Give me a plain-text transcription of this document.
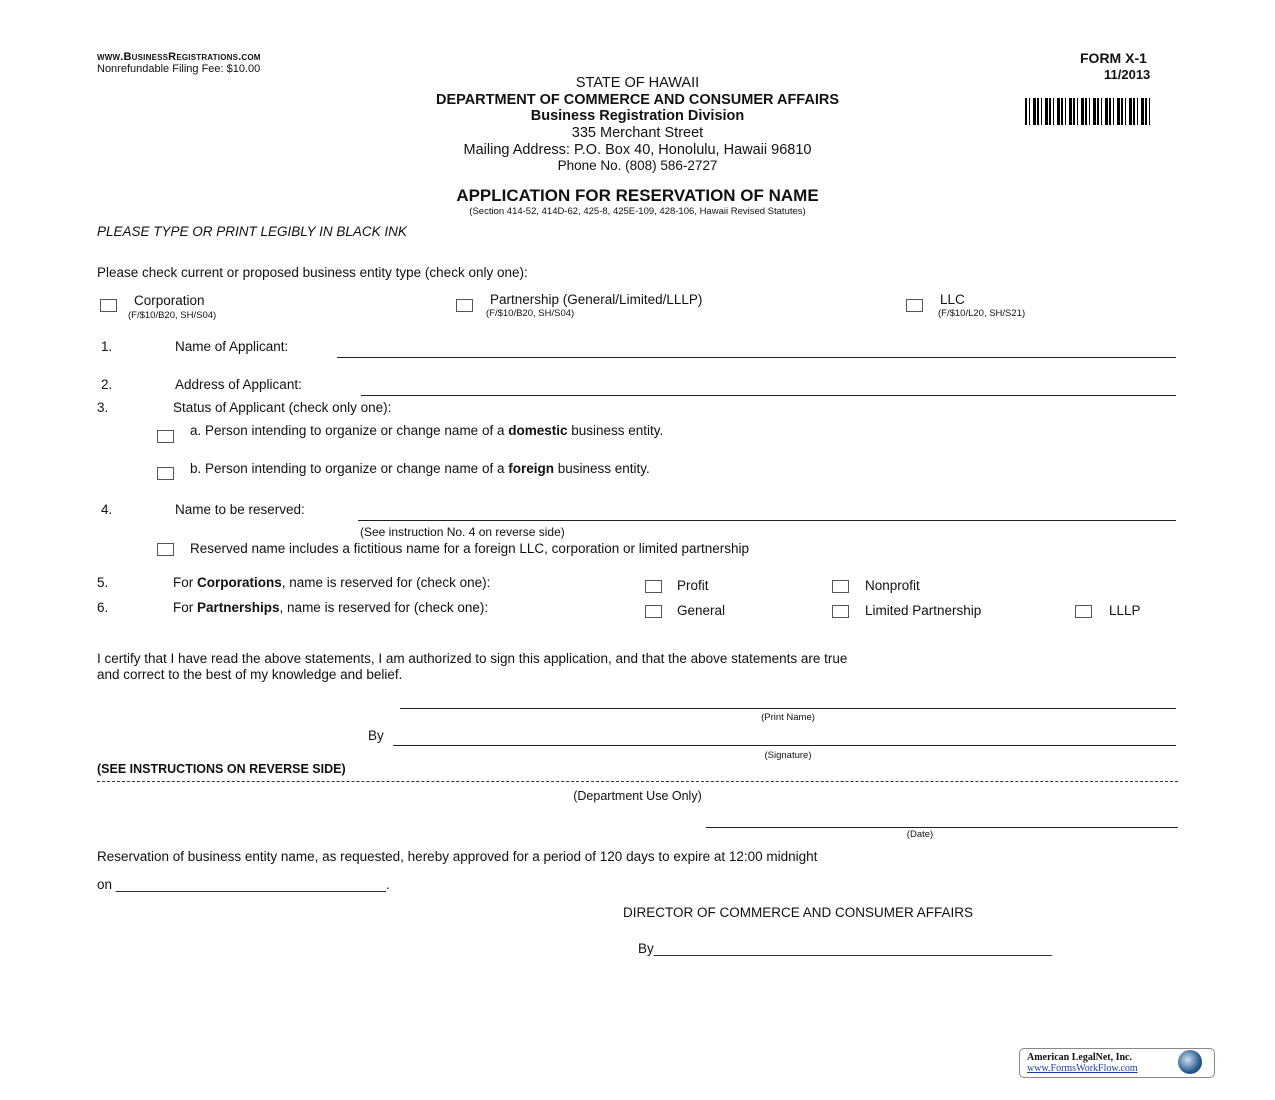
www.BusinessRegistrations.com
Nonrefundable Filing Fee: $10.00
FORM X-1
11/2013
STATE OF HAWAII
DEPARTMENT OF COMMERCE AND CONSUMER AFFAIRS
Business Registration Division
335 Merchant Street
Mailing Address: P.O. Box 40, Honolulu, Hawaii 96810
Phone No. (808) 586-2727
APPLICATION FOR RESERVATION OF NAME
(Section 414-52, 414D-62, 425-8, 425E-109, 428-106, Hawaii Revised Statutes)
PLEASE TYPE OR PRINT LEGIBLY IN BLACK INK
Please check current or proposed business entity type (check only one):
Corporation
(F/$10/B20, SH/S04)
Partnership (General/Limited/LLLP)
(F/$10/B20, SH/S04)
LLC
(F/$10/L20, SH/S21)
1.	Name of Applicant:
2.	Address of Applicant:
3.	Status of Applicant (check only one):
a. Person intending to organize or change name of a domestic business entity.
b. Person intending to organize or change name of a foreign business entity.
4.	Name to be reserved:
(See instruction No. 4 on reverse side)
Reserved name includes a fictitious name for a foreign LLC, corporation or limited partnership
5.	For Corporations, name is reserved for (check one):	Profit	Nonprofit
6.	For Partnerships, name is reserved for (check one):	General	Limited Partnership	LLLP
I certify that I have read the above statements, I am authorized to sign this application, and that the above statements are true
and correct to the best of my knowledge and belief.
(Print Name)
By
(Signature)
(SEE INSTRUCTIONS ON REVERSE SIDE)
(Department Use Only)
(Date)
Reservation of business entity name, as requested, hereby approved for a period of 120 days to expire at 12:00 midnight
on ____________________________________.
DIRECTOR OF COMMERCE AND CONSUMER AFFAIRS
By_____________________________________________________
American LegalNet, Inc.
www.FormsWorkFlow.com
